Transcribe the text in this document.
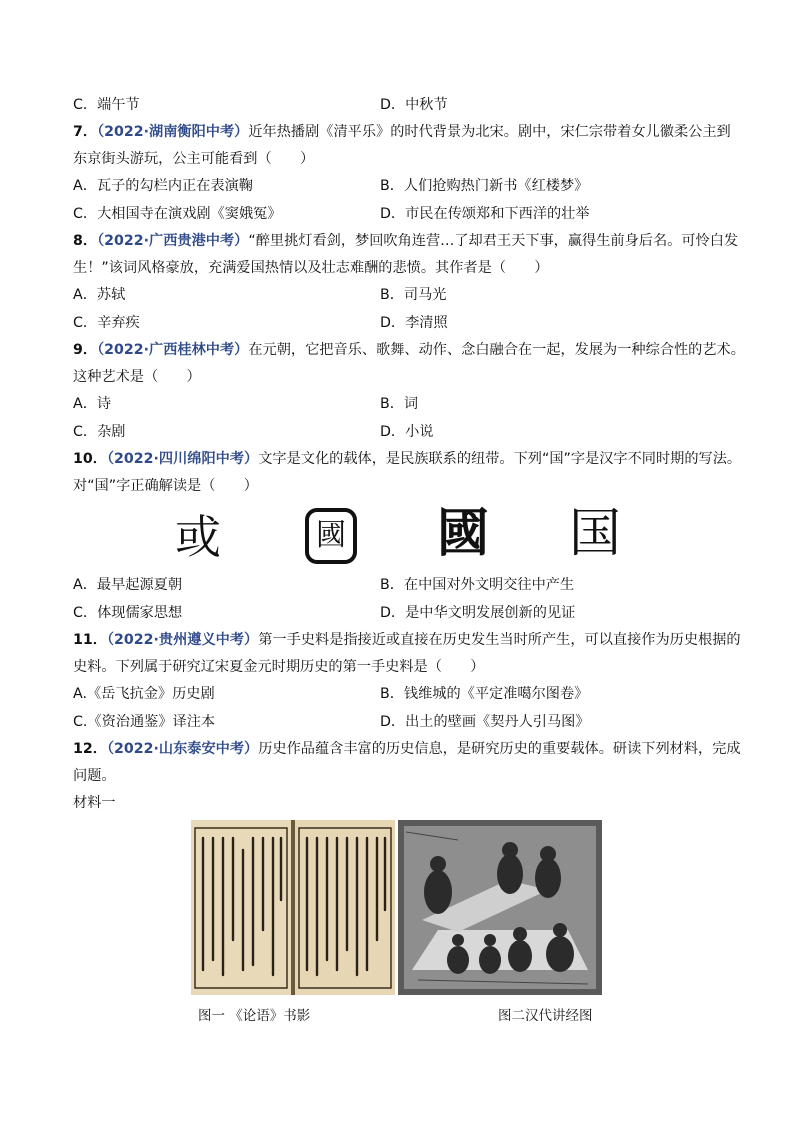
C．端午节	D．中秋节
7．（2022·湖南衡阳中考）近年热播剧《清平乐》的时代背景为北宋。剧中，宋仁宗带着女儿徽柔公主到
东京街头游玩，公主可能看到（　　）
A．瓦子的勾栏内正在表演鞠	B．人们抢购热门新书《红楼梦》
C．大相国寺在演戏剧《窦娥冤》	D．市民在传颂郑和下西洋的壮举
8．（2022·广西贵港中考）“醉里挑灯看剑，梦回吹角连营…了却君王天下事，赢得生前身后名。可怜白发
生！”该词风格豪放，充满爱国热情以及壮志难酬的悲愤。其作者是（　　）
A．苏轼	B．司马光
C．辛弃疾	D．李清照
9．（2022·广西桂林中考）在元朝，它把音乐、歌舞、动作、念白融合在一起，发展为一种综合性的艺术。
这种艺术是（　　）
A．诗	B．词
C．杂剧	D．小说
10．（2022·四川绵阳中考）文字是文化的载体，是民族联系的纽带。下列“国”字是汉字不同时期的写法。
对“国”字正确解读是（　　）
或	國 國 国
A．最早起源夏朝	B．在中国对外文明交往中产生
C．体现儒家思想	D．是中华文明发展创新的见证
11．（2022·贵州遵义中考）第一手史料是指接近或直接在历史发生当时所产生，可以直接作为历史根据的
史料。下列属于研究辽宋夏金元时期历史的第一手史料是（　　）
A.《岳飞抗金》历史剧	B．钱维城的《平定准噶尔图卷》
C.《资治通鉴》译注本	D．出土的壁画《契丹人引马图》
12．（2022·山东泰安中考）历史作品蕴含丰富的历史信息，是研究历史的重要载体。研读下列材料，完成
问题。
材料一
图一 《论语》书影	图二汉代讲经图
